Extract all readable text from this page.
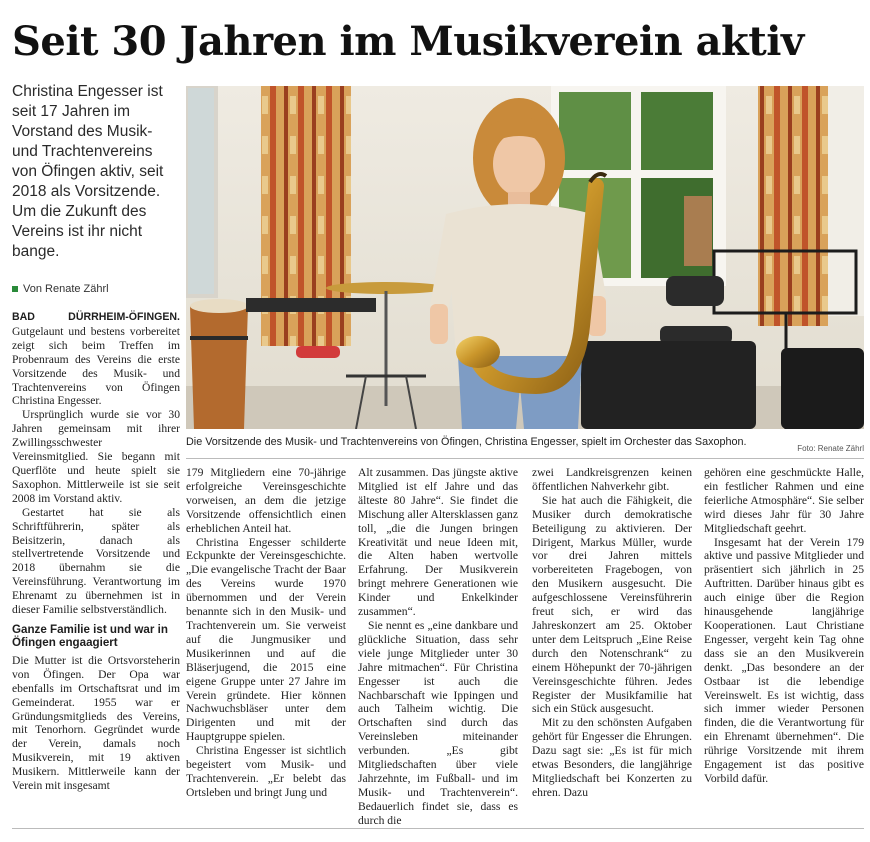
Seit 30 Jahren im Musikverein aktiv
Christina Engesser ist seit 17 Jahren im Vorstand des Musik- und Trachtenvereins von Öfingen aktiv, seit 2018 als Vorsitzende. Um die Zukunft des Vereins ist ihr nicht bange.
Von Renate Zährl
Die Vorsitzende des Musik- und Trachtenvereins von Öfingen, Christina Engesser, spielt im Orchester das Saxophon.
Foto: Renate Zährl

BAD DÜRRHEIM-ÖFINGEN. Gutgelaunt und bestens vorbereitet zeigt sich beim Treffen im Probenraum des Vereins die erste Vorsitzende des Musik- und Trachtenvereins von Öfingen Christina Engesser.

Ursprünglich wurde sie vor 30 Jahren gemeinsam mit ihrer Zwillingsschwester Vereinsmitglied. Sie begann mit Querflöte und heute spielt sie Saxophon. Mittlerweile ist sie seit 2008 im Vorstand aktiv.

Gestartet hat sie als Schriftführerin, später als Beisitzerin, danach als stellvertretende Vorsitzende und 2018 übernahm sie die Vereinsführung. Verantwortung im Ehrenamt zu übernehmen ist in dieser Familie selbstverständlich.

Ganze Familie ist und war in Öfingen engaagiert

Die Mutter ist die Ortsvorsteherin von Öfingen. Der Opa war ebenfalls im Ortschaftsrat und im Gemeinderat. 1955 war er Gründungsmitglieds des Vereins, mit Tenorhorn. Gegründet wurde der Verein, damals noch Musikverein, mit 19 aktiven Musikern. Mittlerweile kann der Verein mit insgesamt

179 Mitgliedern eine 70-jährige erfolgreiche Vereinsgeschichte vorweisen, an dem die jetzige Vorsitzende offensichtlich einen erheblichen Anteil hat.

Christina Engesser schilderte Eckpunkte der Vereinsgeschichte. „Die evangelische Tracht der Baar des Vereins wurde 1970 übernommen und der Verein benannte sich in den Musik- und Trachtenverein um. Sie verweist auf die Jungmusiker und Musikerinnen und auf die Bläserjugend, die 2015 eine eigene Gruppe unter 27 Jahre im Verein gründete. Hier können Nachwuchsbläser unter dem Dirigenten und mit der Hauptgruppe spielen.

Christina Engesser ist sichtlich begeistert vom Musik- und Trachtenverein. „Er belebt das Ortsleben und bringt Jung und

Alt zusammen. Das jüngste aktive Mitglied ist elf Jahre und das älteste 80 Jahre“. Sie findet die Mischung aller Altersklassen ganz toll, „die die Jungen bringen Kreativität und neue Ideen mit, die Alten haben wertvolle Erfahrung. Der Musikverein bringt mehrere Generationen wie Kinder und Enkelkinder zusammen“.

Sie nennt es „eine dankbare und glückliche Situation, dass sehr viele junge Mitglieder unter 30 Jahre mitmachen“. Für Christina Engesser ist auch die Nachbarschaft wie Ippingen und auch Talheim wichtig. Die Ortschaften sind durch das Vereinsleben miteinander verbunden. „Es gibt Mitgliedschaften über viele Jahrzehnte, im Fußball- und im Musik- und Trachtenverein“. Bedauerlich findet sie, dass es durch die

zwei Landkreisgrenzen keinen öffentlichen Nahverkehr gibt.

Sie hat auch die Fähigkeit, die Musiker durch demokratische Beteiligung zu aktivieren. Der Dirigent, Markus Müller, wurde vor drei Jahren mittels vorbereiteten Fragebogen, von den Musikern ausgesucht. Die aufgeschlossene Vereinsführerin freut sich, er wird das Jahreskonzert am 25. Oktober unter dem Leitspruch „Eine Reise durch den Notenschrank“ zu einem Höhepunkt der 70-jährigen Vereinsgeschichte führen. Jedes Register der Musikfamilie hat sich ein Stück ausgesucht.

Mit zu den schönsten Aufgaben gehört für Engesser die Ehrungen. Dazu sagt sie: „Es ist für mich etwas Besonders, die langjährige Mitgliedschaft bei Konzerten zu ehren. Dazu

gehören eine geschmückte Halle, ein festlicher Rahmen und eine feierliche Atmosphäre“. Sie selber wird dieses Jahr für 30 Jahre Mitgliedschaft geehrt.

Insgesamt hat der Verein 179 aktive und passive Mitglieder und präsentiert sich jährlich in 25 Auftritten. Darüber hinaus gibt es auch einige über die Region hinausgehende langjährige Kooperationen. Laut Christiane Engesser, vergeht kein Tag ohne dass sie an den Musikverein denkt. „Das besondere an der Ostbaar ist die lebendige Vereinswelt. Es ist wichtig, dass sich immer wieder Personen finden, die die Verantwortung für ein Ehrenamt übernehmen“. Die rührige Vorsitzende mit ihrem Engagement ist das positive Vorbild dafür.
